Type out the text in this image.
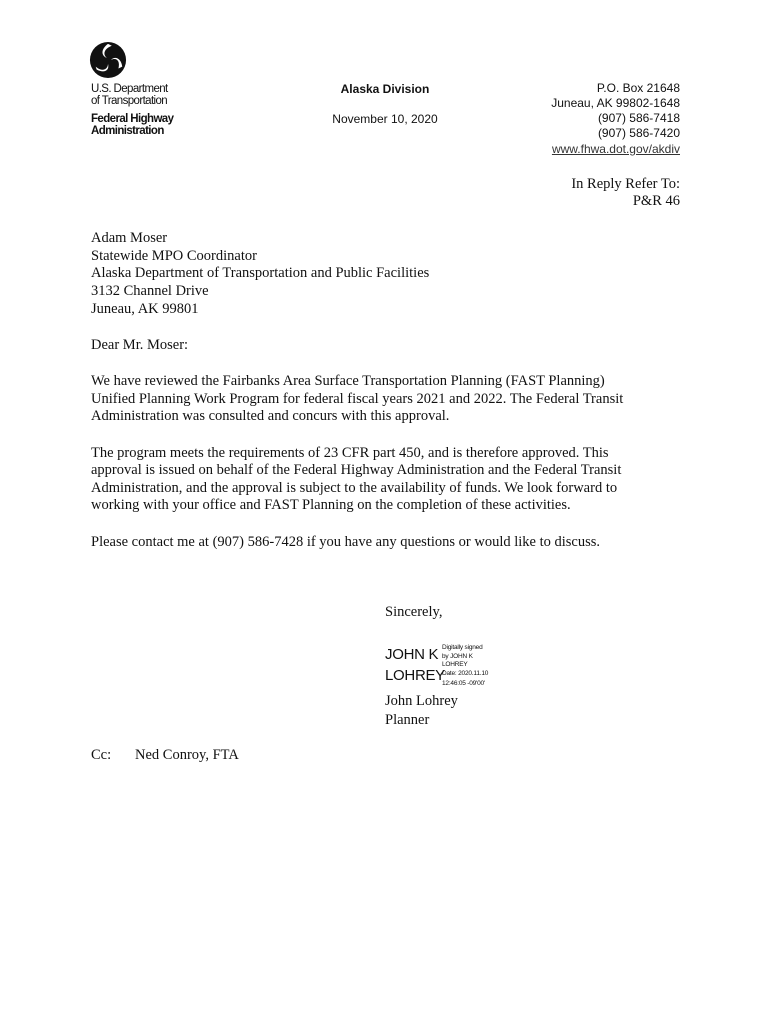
U.S. Department
of Transportation
Federal Highway
Administration
Alaska Division
November 10, 2020
P.O. Box 21648
Juneau, AK 99802-1648
(907) 586-7418
(907) 586-7420
www.fhwa.dot.gov/akdiv
In Reply Refer To:
P&R 46
Adam Moser
Statewide MPO Coordinator
Alaska Department of Transportation and Public Facilities
3132 Channel Drive
Juneau, AK 99801
Dear Mr. Moser:
We have reviewed the Fairbanks Area Surface Transportation Planning (FAST Planning)
Unified Planning Work Program for federal fiscal years 2021 and 2022. The Federal Transit
Administration was consulted and concurs with this approval.
The program meets the requirements of 23 CFR part 450, and is therefore approved. This
approval is issued on behalf of the Federal Highway Administration and the Federal Transit
Administration, and the approval is subject to the availability of funds. We look forward to
working with your office and FAST Planning on the completion of these activities.
Please contact me at (907) 586-7428 if you have any questions or would like to discuss.
Sincerely,
JOHN K
LOHREY
Digitally signed
by JOHN K
LOHREY
Date: 2020.11.10
12:46:05 -09'00'
John Lohrey
Planner
Cc: Ned Conroy, FTA
